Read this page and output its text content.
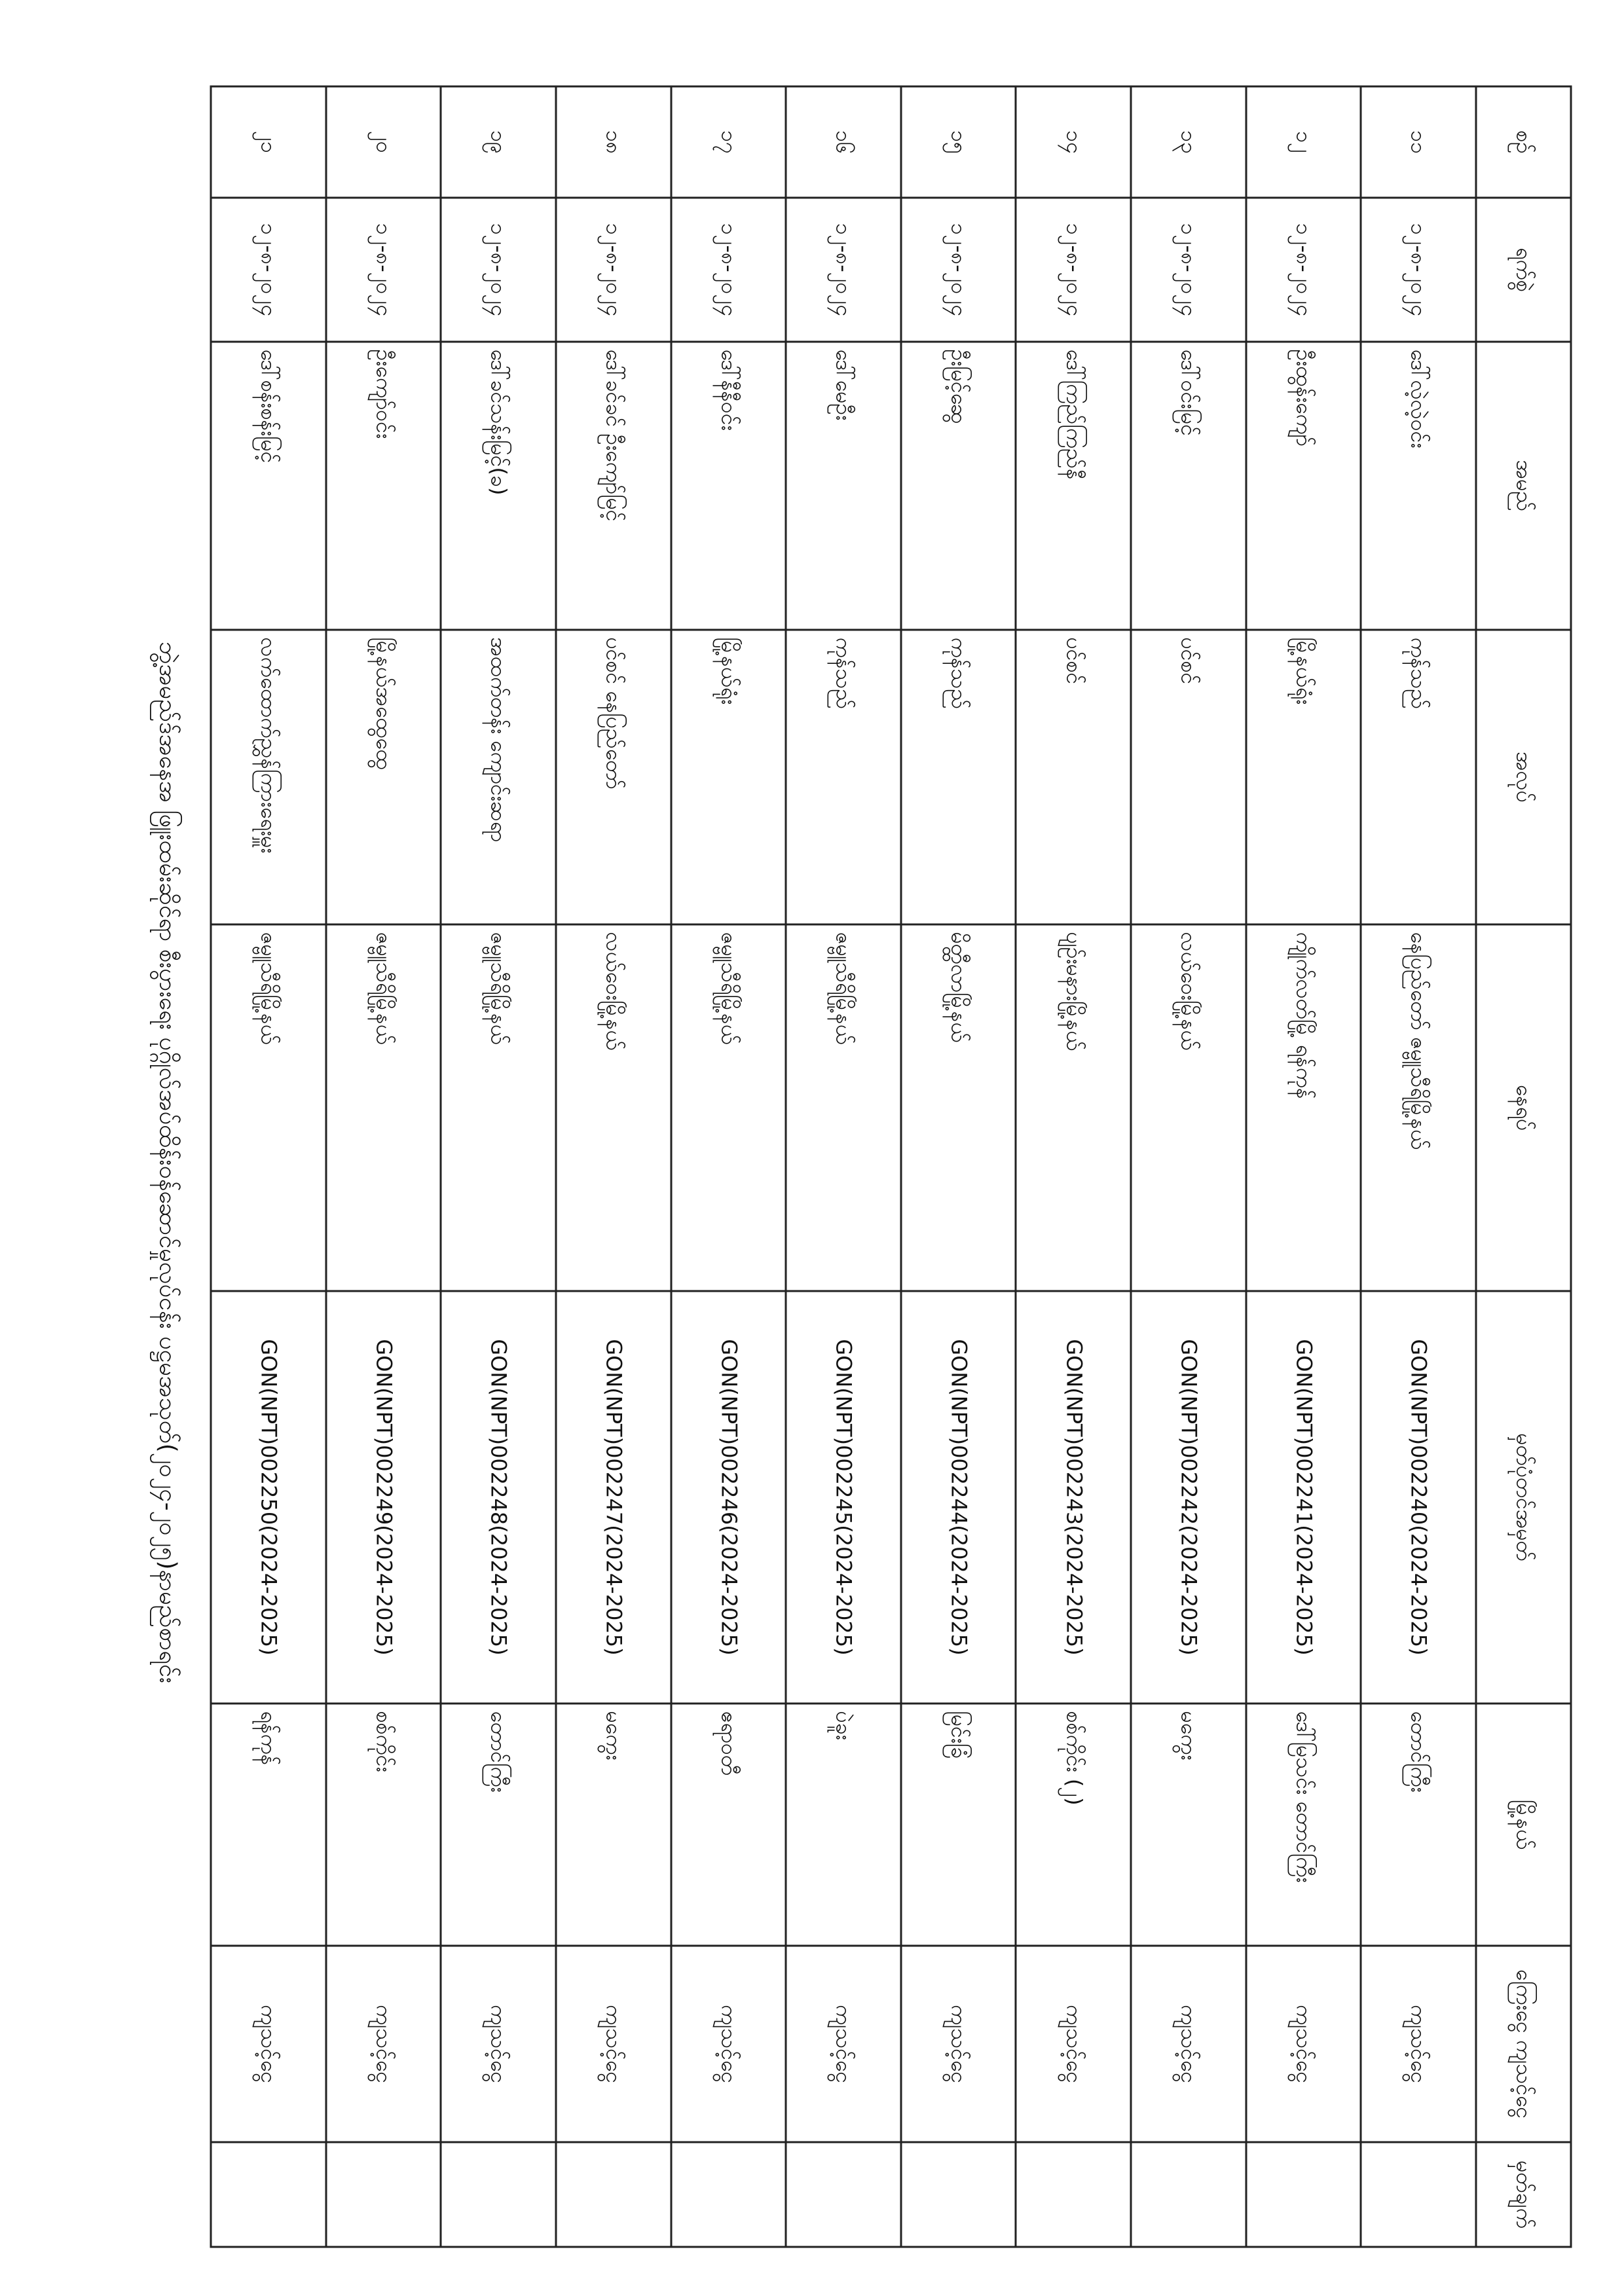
ဘွဲ့အမည်ဒ်အနေအ ဖြူးထမ်းဆိုင်ရာ စီးပွားရေး ပုဂ္ဂိုလ်အပ်ထိန်းဝန်ဆောင်မှုလုပ်ငန်း ပဋ္ဌမအသုတ်(၂၀၂၄-၂၀၂၅)နာမည်စာရင်း
စဉ်	ရက်စွဲ	အမည်	အလုပ်	နေရပ်	မှတ်ပုံတင်အမှတ်	မြို့နယ်	ကြေးငွေ ကျသင့်ငွေ	မှတ်ချက်
၁၁	၁၂-၈-၂၀၂၄	ဒေါ်လဲ့လဲ့ဝင်း	ကုန်သည်	နေပြည်တော် ဇမ္ဗူသီရိမြို့နယ်	GON(NPT)002240(2024-2025)	တောင်ကြီး	ကျသင့်ငွေ	
၁၂	၁၂-၈-၂၀၂၄	ဦးထွန်းကျော်	မြို့နယ်ရုံး	ကျိုက်လတ်မြို့ ရန်ကုန်	GON(NPT)002241(2024-2025)	ဒေါ်မြသင်း တောင်ကြီး	ကျသင့်ငွေ	
၁၃	၁၂-၈-၂၀၂၄	ဒေါ်ဝင်းမြင့်	ပင်စင်	လယ်ဝေးမြို့နယ်	GON(NPT)002242(2024-2025)	မကွေး	ကျသင့်ငွေ	
၁၄	၁၂-၈-၂၀၂၄	ဒေါ်ကြည်ကြည်နီ	ပင်စင်	ပျဉ်းမနားမြို့နယ်	GON(NPT)002243(2024-2025)	စစ်ကိုင်း (၂)	ကျသင့်ငွေ	
၁၅	၁၂-၈-၂၀၂၄	ဦးမြင့်ဆွေ	ကုန်သည်	မိတ္ထီလာမြို့နယ်	GON(NPT)002244(2024-2025)	မြင်းခြံ	ကျသင့်ငွေ	
၁၆	၁၂-၈-၂၀၂၄	ဒေါ်မေဦး	ကုန်သည်	ဇမ္ဗူသီရိမြို့နယ်	GON(NPT)002245(2024-2025)	ပဲခူး	ကျသင့်ငွေ	
၁၇	၁၂-၈-၂၀၂၄	ဒေါ်နီနီဝင်း	မြို့နယ်ရုံး	ဇမ္ဗူသီရိမြို့နယ်	GON(NPT)002246(2024-2025)	ဧရာဝတီ	ကျသင့်ငွေ	
၁၈	၁၂-၈-၂၀၂၄	ဒေါ်ခင်ခင် ဦးကျော်မြင့်	ပင်စင် နေပြည်တော်	လယ်ဝေးမြို့နယ်	GON(NPT)002247(2024-2025)	မကွေး	ကျသင့်ငွေ	
၁၉	၁၂-၈-၂၀၂၄	ဒေါ်ခင်သန်းမြင့်(ခ)	အထက်တန်း ကျောင်းဆရာ	ဇမ္ဗူသီရိမြို့နယ်	GON(NPT)002248(2024-2025)	တောင်ကြီး	ကျသင့်ငွေ	
၂၀	၁၂-၈-၂၀၂၄	ဦးကျော်ဝင်း	မြို့နယ်အထွေထွေ	ဇမ္ဗူသီရိမြို့နယ်	GON(NPT)002249(2024-2025)	စစ်ကိုင်း	ကျသင့်ငွေ	
၂၁	၁၂-၈-၂၀၂၄	ဒေါ်စန်းစန်းမြင့်	လက်ထောက်ညွှန်ကြားရေးမှူး	ဇမ္ဗူသီရိမြို့နယ်	GON(NPT)002250(2024-2025)	ရန်ကုန်	ကျသင့်ငွေ	
